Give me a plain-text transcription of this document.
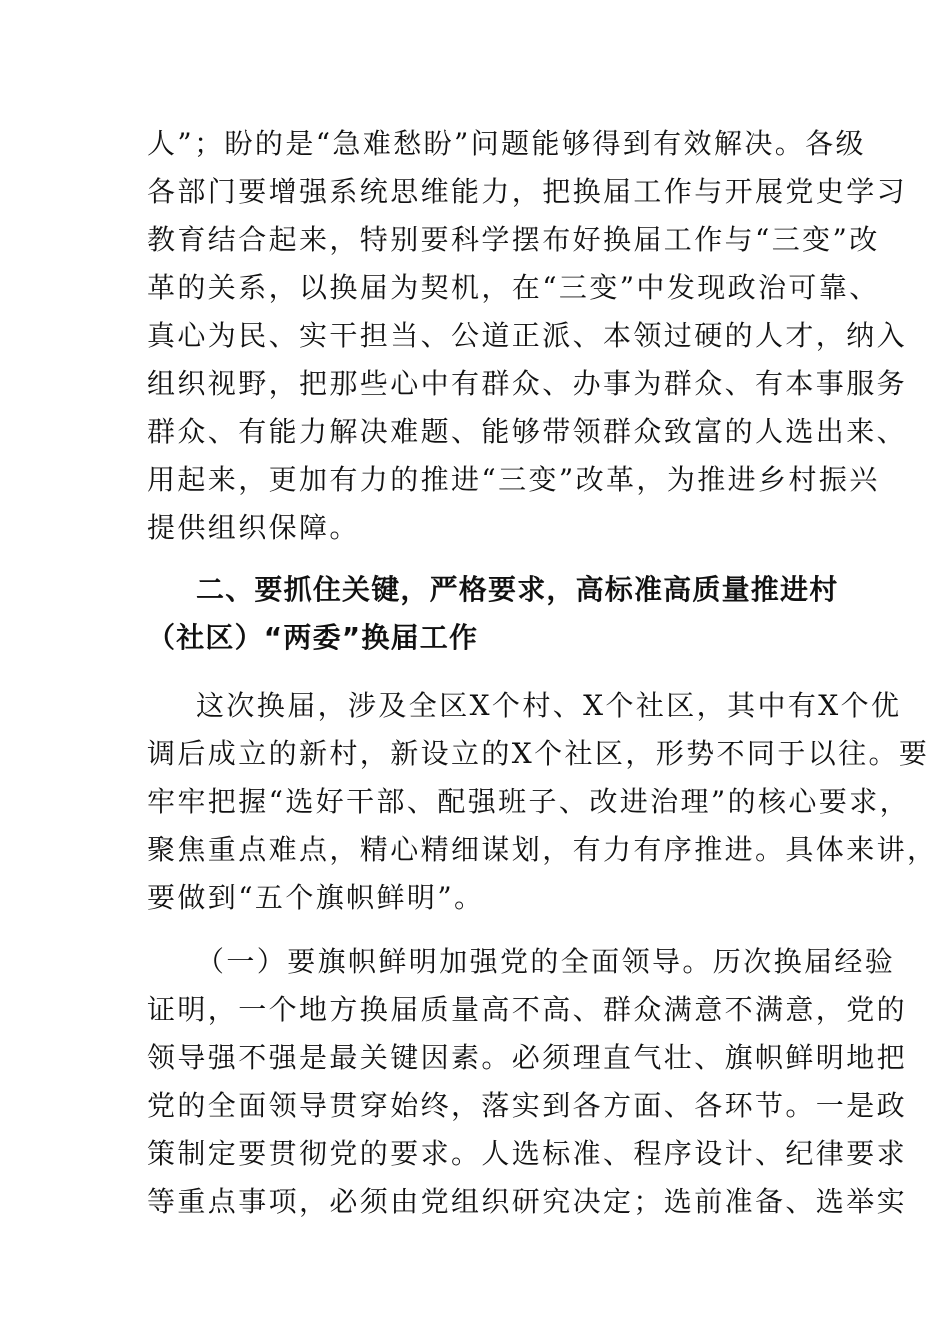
人”；盼的是“急难愁盼”问题能够得到有效解决。各级
各部门要增强系统思维能力，把换届工作与开展党史学习
教育结合起来，特别要科学摆布好换届工作与“三变”改
革的关系，以换届为契机，在“三变”中发现政治可靠、
真心为民、实干担当、公道正派、本领过硬的人才，纳入
组织视野，把那些心中有群众、办事为群众、有本事服务
群众、有能力解决难题、能够带领群众致富的人选出来、
用起来，更加有力的推进“三变”改革，为推进乡村振兴
提供组织保障。
二、要抓住关键，严格要求，高标准高质量推进村
（社区）“两委”换届工作
这次换届，涉及全区X个村、X个社区，其中有X个优
调后成立的新村，新设立的X个社区，形势不同于以往。要
牢牢把握“选好干部、配强班子、改进治理”的核心要求，
聚焦重点难点，精心精细谋划，有力有序推进。具体来讲，
要做到“五个旗帜鲜明”。
（一）要旗帜鲜明加强党的全面领导。历次换届经验
证明，一个地方换届质量高不高、群众满意不满意，党的
领导强不强是最关键因素。必须理直气壮、旗帜鲜明地把
党的全面领导贯穿始终，落实到各方面、各环节。一是政
策制定要贯彻党的要求。人选标准、程序设计、纪律要求
等重点事项，必须由党组织研究决定；选前准备、选举实
